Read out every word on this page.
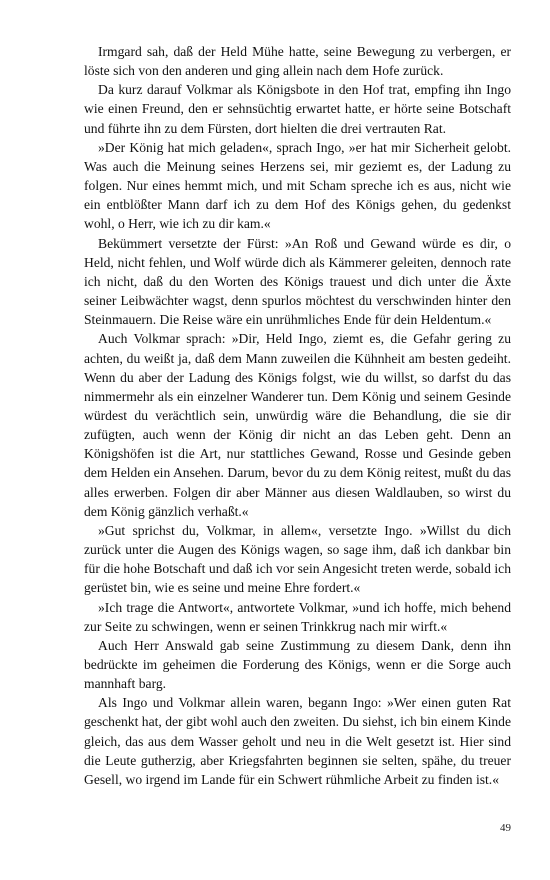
Irmgard sah, daß der Held Mühe hatte, seine Bewegung zu verbergen, er löste sich von den anderen und ging allein nach dem Hofe zurück.

Da kurz darauf Volkmar als Königsbote in den Hof trat, empfing ihn Ingo wie einen Freund, den er sehnsüchtig erwartet hatte, er hörte seine Botschaft und führte ihn zu dem Fürsten, dort hielten die drei vertrauten Rat.

»Der König hat mich geladen«, sprach Ingo, »er hat mir Sicherheit gelobt. Was auch die Meinung seines Herzens sei, mir geziemt es, der Ladung zu folgen. Nur eines hemmt mich, und mit Scham spreche ich es aus, nicht wie ein entblößter Mann darf ich zu dem Hof des Königs gehen, du gedenkst wohl, o Herr, wie ich zu dir kam.«

Bekümmert versetzte der Fürst: »An Roß und Gewand würde es dir, o Held, nicht fehlen, und Wolf würde dich als Kämmerer geleiten, dennoch rate ich nicht, daß du den Worten des Königs trauest und dich unter die Äxte seiner Leibwächter wagst, denn spurlos möchtest du verschwinden hinter den Steinmauern. Die Reise wäre ein unrühmliches Ende für dein Heldentum.«

Auch Volkmar sprach: »Dir, Held Ingo, ziemt es, die Gefahr gering zu achten, du weißt ja, daß dem Mann zuweilen die Kühnheit am besten gedeiht. Wenn du aber der Ladung des Königs folgst, wie du willst, so darfst du das nimmermehr als ein einzelner Wanderer tun. Dem König und seinem Gesinde würdest du verächtlich sein, unwürdig wäre die Behandlung, die sie dir zufügten, auch wenn der König dir nicht an das Leben geht. Denn an Königshöfen ist die Art, nur stattliches Gewand, Rosse und Gesinde geben dem Helden ein Ansehen. Darum, bevor du zu dem König reitest, mußt du das alles erwerben. Folgen dir aber Männer aus diesen Waldlauben, so wirst du dem König gänzlich verhaßt.«

»Gut sprichst du, Volkmar, in allem«, versetzte Ingo. »Willst du dich zurück unter die Augen des Königs wagen, so sage ihm, daß ich dankbar bin für die hohe Botschaft und daß ich vor sein Angesicht treten werde, sobald ich gerüstet bin, wie es seine und meine Ehre fordert.«

»Ich trage die Antwort«, antwortete Volkmar, »und ich hoffe, mich behend zur Seite zu schwingen, wenn er seinen Trinkkrug nach mir wirft.«

Auch Herr Answald gab seine Zustimmung zu diesem Dank, denn ihn bedrückte im geheimen die Forderung des Königs, wenn er die Sorge auch mannhaft barg.

Als Ingo und Volkmar allein waren, begann Ingo: »Wer einen guten Rat geschenkt hat, der gibt wohl auch den zweiten. Du siehst, ich bin einem Kinde gleich, das aus dem Wasser geholt und neu in die Welt gesetzt ist. Hier sind die Leute gutherzig, aber Kriegsfahrten beginnen sie selten, spähe, du treuer Gesell, wo irgend im Lande für ein Schwert rühmliche Arbeit zu finden ist.«

49
